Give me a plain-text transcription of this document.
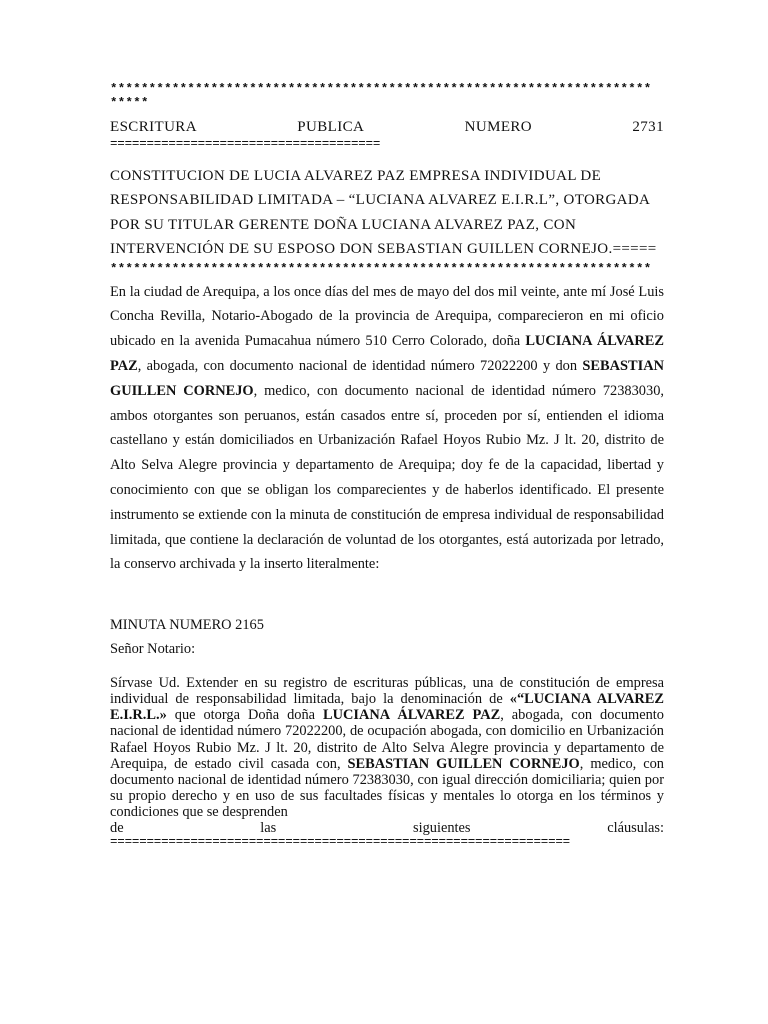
**********************************************************************
*****
ESCRITURA	PUBLICA	NUMERO	2731
=====================================
CONSTITUCION DE LUCIA ALVAREZ PAZ EMPRESA INDIVIDUAL DE
RESPONSABILIDAD LIMITADA – “LUCIANA ALVAREZ E.I.R.L”, OTORGADA
POR SU TITULAR GERENTE DOÑA LUCIANA ALVAREZ PAZ, CON
INTERVENCIÓN DE SU ESPOSO DON SEBASTIAN GUILLEN CORNEJO.=====
**********************************************************************
En la ciudad de Arequipa, a los once días del mes de mayo del dos mil veinte, ante mí José Luis Concha Revilla, Notario-Abogado de la provincia de Arequipa, comparecieron en mi oficio ubicado en la avenida Pumacahua número 510 Cerro Colorado, doña LUCIANA ÁLVAREZ PAZ, abogada, con documento nacional de identidad número 72022200 y don SEBASTIAN GUILLEN CORNEJO, medico, con documento nacional de identidad número 72383030, ambos otorgantes son peruanos, están casados entre sí, proceden por sí, entienden el idioma castellano y están domiciliados en Urbanización Rafael Hoyos Rubio Mz. J lt. 20, distrito de Alto Selva Alegre provincia y departamento de Arequipa; doy fe de la capacidad, libertad y conocimiento con que se obligan los comparecientes y de haberlos identificado. El presente instrumento se extiende con la minuta de constitución de empresa individual de responsabilidad limitada, que contiene la declaración de voluntad de los otorgantes, está autorizada por letrado, la conservo archivada y la inserto literalmente:
MINUTA NUMERO 2165
Señor Notario:
Sírvase Ud. Extender en su registro de escrituras públicas, una de constitución de empresa individual de responsabilidad limitada, bajo la denominación de «“LUCIANA ALVAREZ E.I.R.L.» que otorga Doña doña LUCIANA ÁLVAREZ PAZ, abogada, con documento nacional de identidad número 72022200, de ocupación abogada, con domicilio en Urbanización Rafael Hoyos Rubio Mz. J lt. 20, distrito de Alto Selva Alegre provincia y departamento de Arequipa, de estado civil casada con, SEBASTIAN GUILLEN CORNEJO, medico, con documento nacional de identidad número 72383030, con igual dirección domiciliaria; quien por su propio derecho y en uso de sus facultades físicas y mentales lo otorga en los términos y condiciones que se desprenden
de	las	siguientes	cláusulas:
===============================================================
